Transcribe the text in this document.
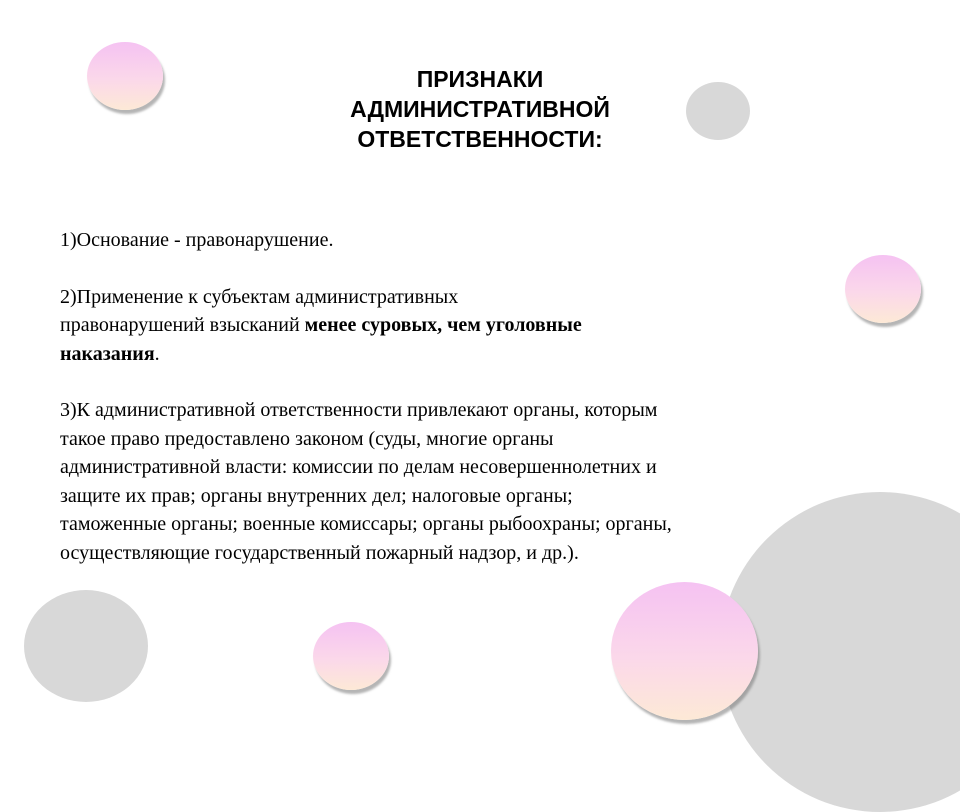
ПРИЗНАКИ
АДМИНИСТРАТИВНОЙ
ОТВЕТСТВЕННОСТИ:

1)Основание - правонарушение.

2)Применение к субъектам административных
правонарушений взысканий менее суровых, чем уголовные
наказания.

3)К административной ответственности привлекают органы, которым
такое право предоставлено законом (суды, многие органы
административной власти: комиссии по делам несовершеннолетних и
защите их прав; органы внутренних дел; налоговые органы;
таможенные органы; военные комиссары; органы рыбоохраны; органы,
осуществляющие государственный пожарный надзор, и др.).
